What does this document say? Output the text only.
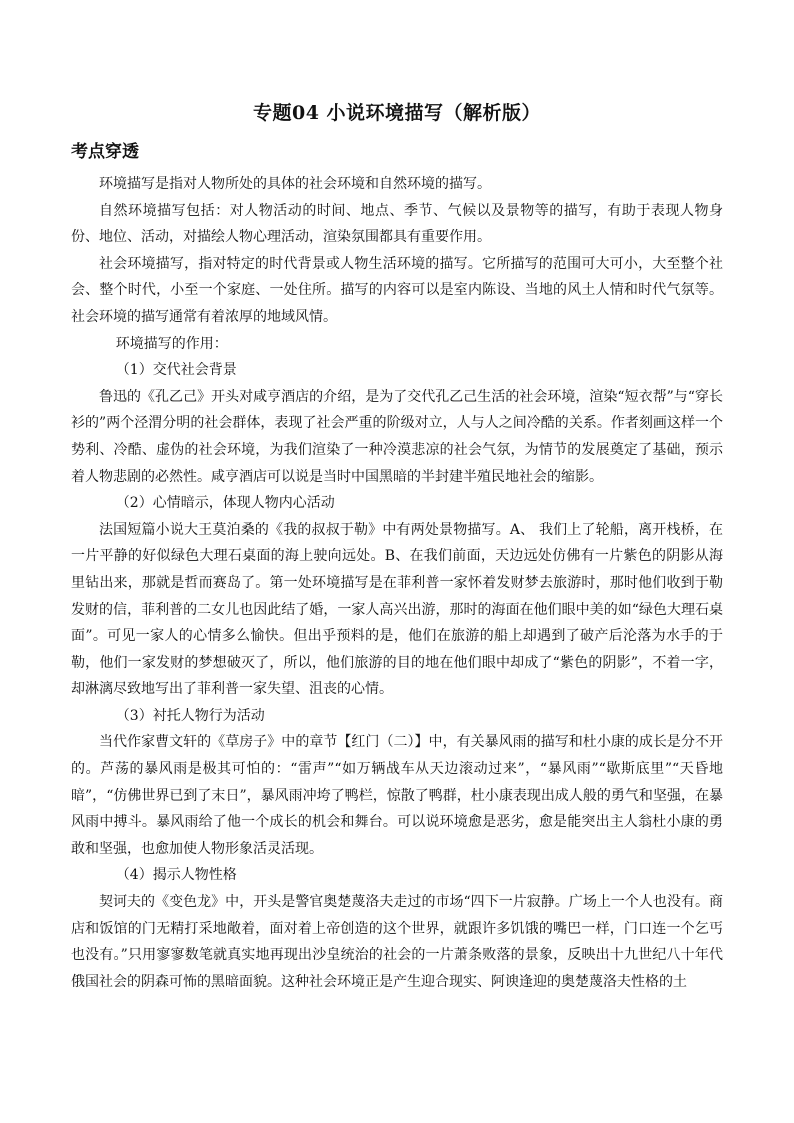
专题04 小说环境描写（解析版）
考点穿透

环境描写是指对人物所处的具体的社会环境和自然环境的描写。

自然环境描写包括：对人物活动的时间、地点、季节、气候以及景物等的描写，有助于表现人物身份、地位、活动，对描绘人物心理活动，渲染氛围都具有重要作用。

社会环境描写，指对特定的时代背景或人物生活环境的描写。它所描写的范围可大可小，大至整个社会、整个时代，小至一个家庭、一处住所。描写的内容可以是室内陈设、当地的风土人情和时代气氛等。社会环境的描写通常有着浓厚的地域风情。

环境描写的作用：

（1）交代社会背景

鲁迅的《孔乙己》开头对咸亨酒店的介绍，是为了交代孔乙己生活的社会环境，渲染“短衣帮”与“穿长衫的”两个泾渭分明的社会群体，表现了社会严重的阶级对立，人与人之间冷酷的关系。作者刻画这样一个势利、冷酷、虚伪的社会环境，为我们渲染了一种冷漠悲凉的社会气氛，为情节的发展奠定了基础，预示着人物悲剧的必然性。咸亨酒店可以说是当时中国黑暗的半封建半殖民地社会的缩影。

（2）心情暗示，体现人物内心活动

法国短篇小说大王莫泊桑的《我的叔叔于勒》中有两处景物描写。A、 我们上了轮船，离开栈桥，在一片平静的好似绿色大理石桌面的海上驶向远处。B、在我们前面，天边远处仿佛有一片紫色的阴影从海里钻出来，那就是哲而赛岛了。第一处环境描写是在菲利普一家怀着发财梦去旅游时，那时他们收到于勒发财的信，菲利普的二女儿也因此结了婚，一家人高兴出游，那时的海面在他们眼中美的如“绿色大理石桌面”。可见一家人的心情多么愉快。但出乎预料的是，他们在旅游的船上却遇到了破产后沦落为水手的于勒，他们一家发财的梦想破灭了，所以，他们旅游的目的地在他们眼中却成了“紫色的阴影”，不着一字，却淋漓尽致地写出了菲利普一家失望、沮丧的心情。

（3）衬托人物行为活动

当代作家曹文轩的《草房子》中的章节【红门（二）】中，有关暴风雨的描写和杜小康的成长是分不开的。芦荡的暴风雨是极其可怕的：“雷声”“如万辆战车从天边滚动过来”，“暴风雨”“歇斯底里”“天昏地暗”，“仿佛世界已到了末日”，暴风雨冲垮了鸭栏，惊散了鸭群，杜小康表现出成人般的勇气和坚强，在暴风雨中搏斗。暴风雨给了他一个成长的机会和舞台。可以说环境愈是恶劣，愈是能突出主人翁杜小康的勇敢和坚强，也愈加使人物形象活灵活现。

（4）揭示人物性格

契诃夫的《变色龙》中，开头是警官奥楚蔑洛夫走过的市场“四下一片寂静。广场上一个人也没有。商店和饭馆的门无精打采地敞着，面对着上帝创造的这个世界，就跟许多饥饿的嘴巴一样，门口连一个乞丐也没有。”只用寥寥数笔就真实地再现出沙皇统治的社会的一片萧条败落的景象，反映出十九世纪八十年代俄国社会的阴森可怖的黑暗面貌。这种社会环境正是产生迎合现实、阿谀逢迎的奥楚蔑洛夫性格的土
